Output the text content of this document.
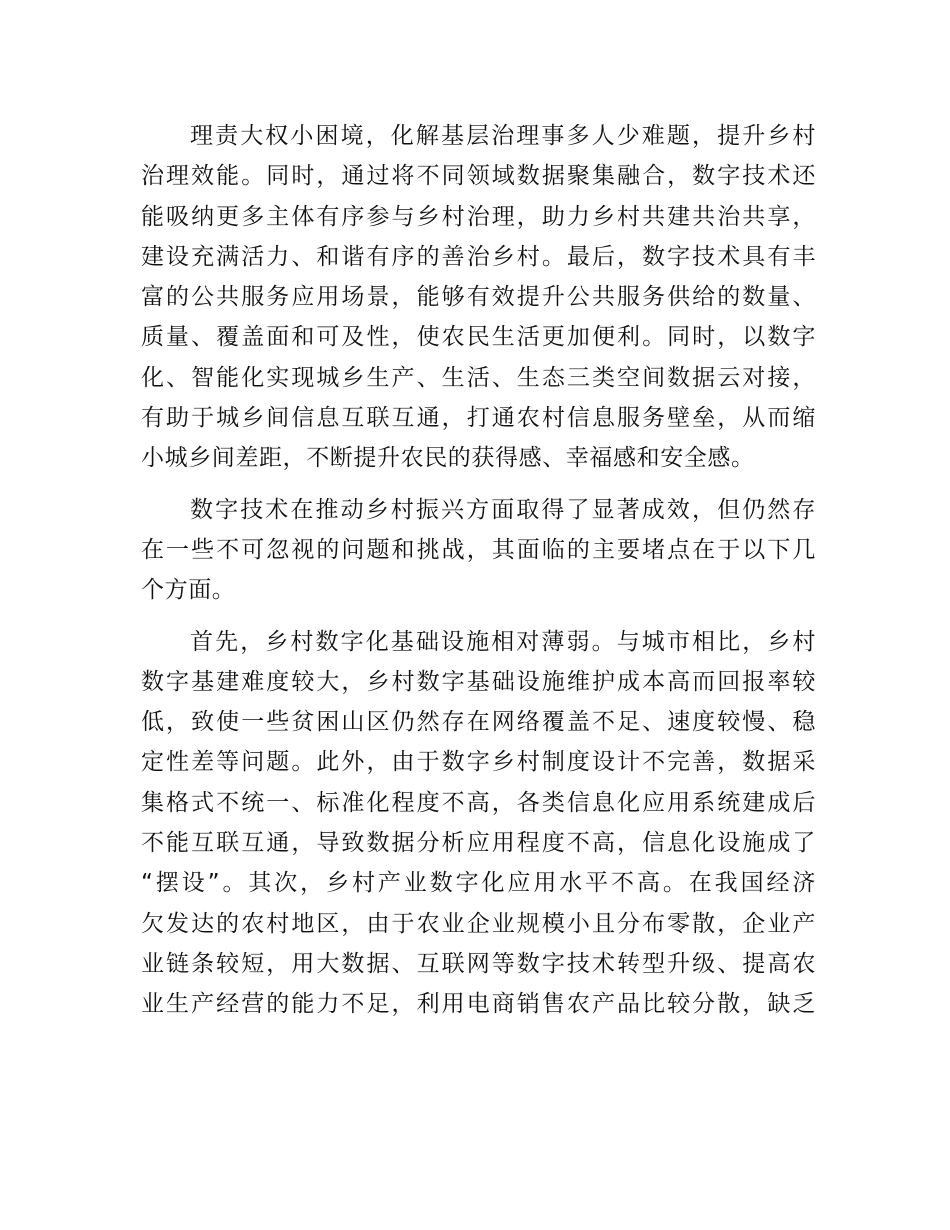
理责大权小困境，化解基层治理事多人少难题，提升乡村
治理效能。同时，通过将不同领域数据聚集融合，数字技术还
能吸纳更多主体有序参与乡村治理，助力乡村共建共治共享，
建设充满活力、和谐有序的善治乡村。最后，数字技术具有丰
富的公共服务应用场景，能够有效提升公共服务供给的数量、
质量、覆盖面和可及性，使农民生活更加便利。同时，以数字
化、智能化实现城乡生产、生活、生态三类空间数据云对接，
有助于城乡间信息互联互通，打通农村信息服务壁垒，从而缩
小城乡间差距，不断提升农民的获得感、幸福感和安全感。
数字技术在推动乡村振兴方面取得了显著成效，但仍然存
在一些不可忽视的问题和挑战，其面临的主要堵点在于以下几
个方面。
首先，乡村数字化基础设施相对薄弱。与城市相比，乡村
数字基建难度较大，乡村数字基础设施维护成本高而回报率较
低，致使一些贫困山区仍然存在网络覆盖不足、速度较慢、稳
定性差等问题。此外，由于数字乡村制度设计不完善，数据采
集格式不统一、标准化程度不高，各类信息化应用系统建成后
不能互联互通，导致数据分析应用程度不高，信息化设施成了
“摆设”。其次，乡村产业数字化应用水平不高。在我国经济
欠发达的农村地区，由于农业企业规模小且分布零散，企业产
业链条较短，用大数据、互联网等数字技术转型升级、提高农
业生产经营的能力不足，利用电商销售农产品比较分散，缺乏
